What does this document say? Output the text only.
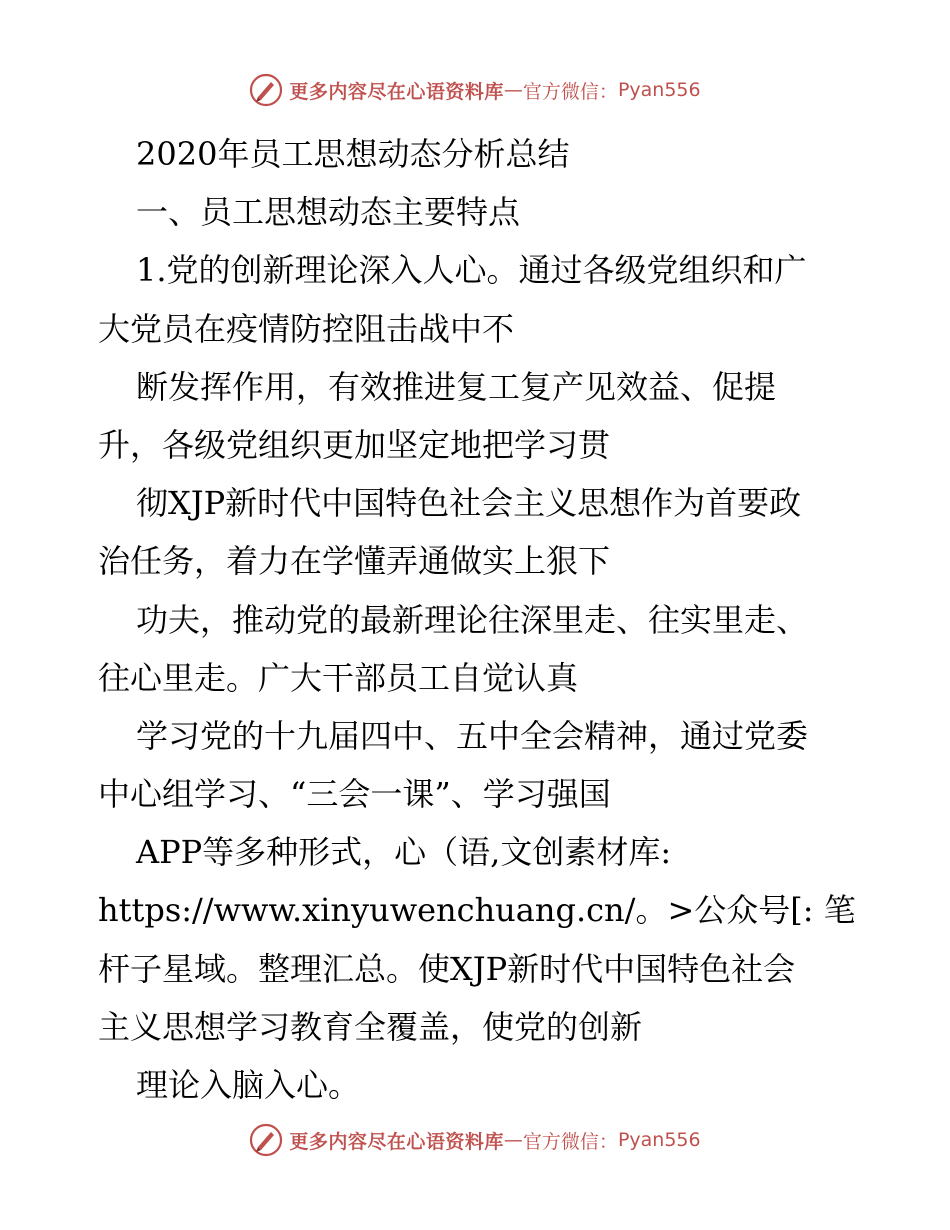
更多内容尽在心语资料库 — 官方微信： Pyan556
2020年员工思想动态分析总结
一、员工思想动态主要特点
1.党的创新理论深入人心。通过各级党组织和广
大党员在疫情防控阻击战中不
断发挥作用，有效推进复工复产见效益、促提
升，各级党组织更加坚定地把学习贯
彻XJP新时代中国特色社会主义思想作为首要政
治任务，着力在学懂弄通做实上狠下
功夫，推动党的最新理论往深里走、往实里走、
往心里走。广大干部员工自觉认真
学习党的十九届四中、五中全会精神，通过党委
中心组学习、“三会一课”、学习强国
APP等多种形式，心（语,文创素材库:
https://www.xinyuwenchuang.cn/。>公众号[: 笔
杆子星域。整理汇总。使XJP新时代中国特色社会
主义思想学习教育全覆盖，使党的创新
理论入脑入心。
更多内容尽在心语资料库 — 官方微信： Pyan556
